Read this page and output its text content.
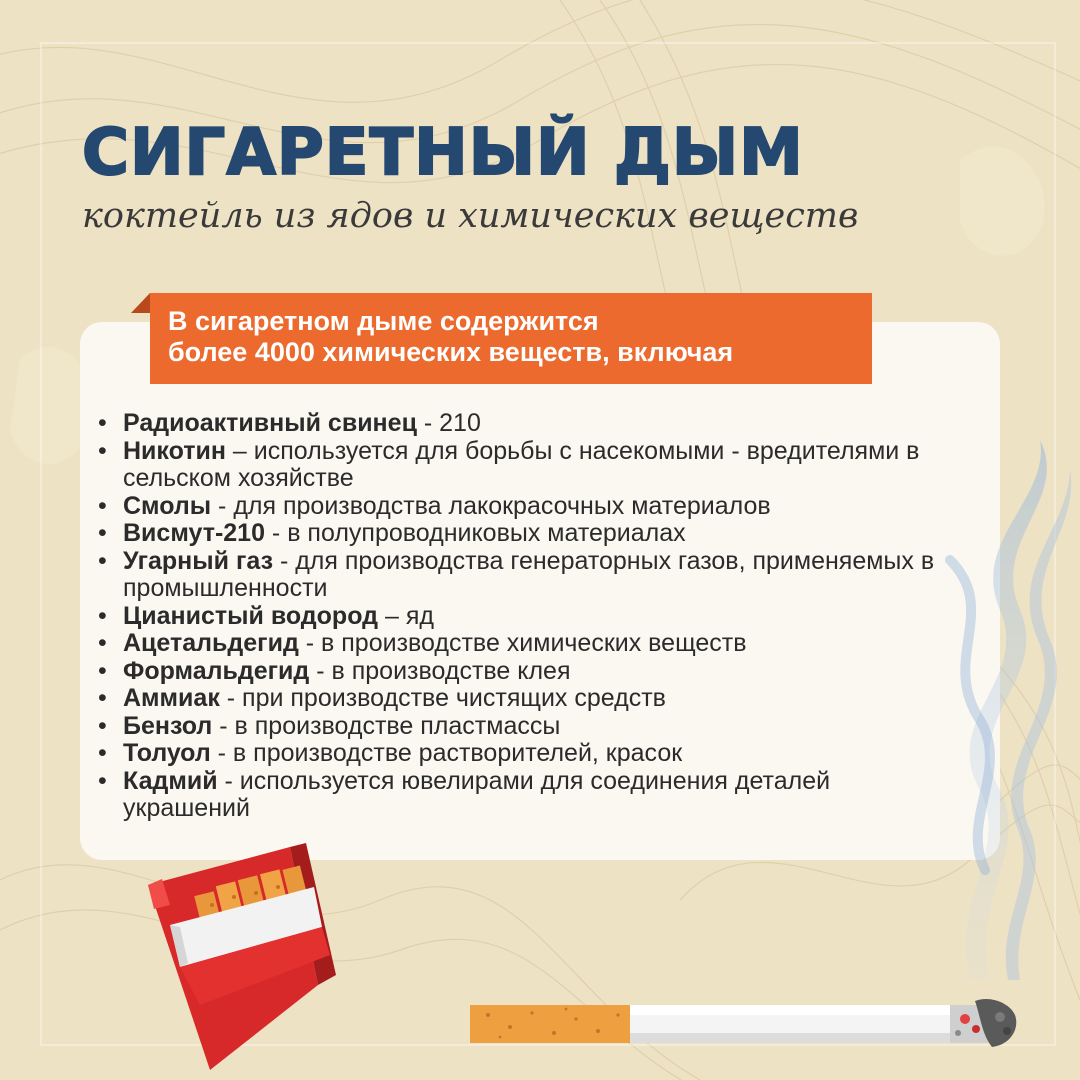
СИГАРЕТНЫЙ ДЫМ
коктейль из ядов и химических веществ
В сигаретном дыме содержится
более 4000 химических веществ, включая
• Радиоактивный свинец - 210
• Никотин – используется для борьбы с насекомыми - вредителями в сельском хозяйстве
• Смолы - для производства лакокрасочных материалов
• Висмут-210 - в полупроводниковых материалах
• Угарный газ - для производства генераторных газов, применяемых в промышленности
• Цианистый водород – яд
• Ацетальдегид - в производстве химических веществ
• Формальдегид - в производстве клея
• Аммиак - при производстве чистящих средств
• Бензол - в производстве пластмассы
• Толуол - в производстве растворителей, красок
• Кадмий - используется ювелирами для соединения деталей украшений
